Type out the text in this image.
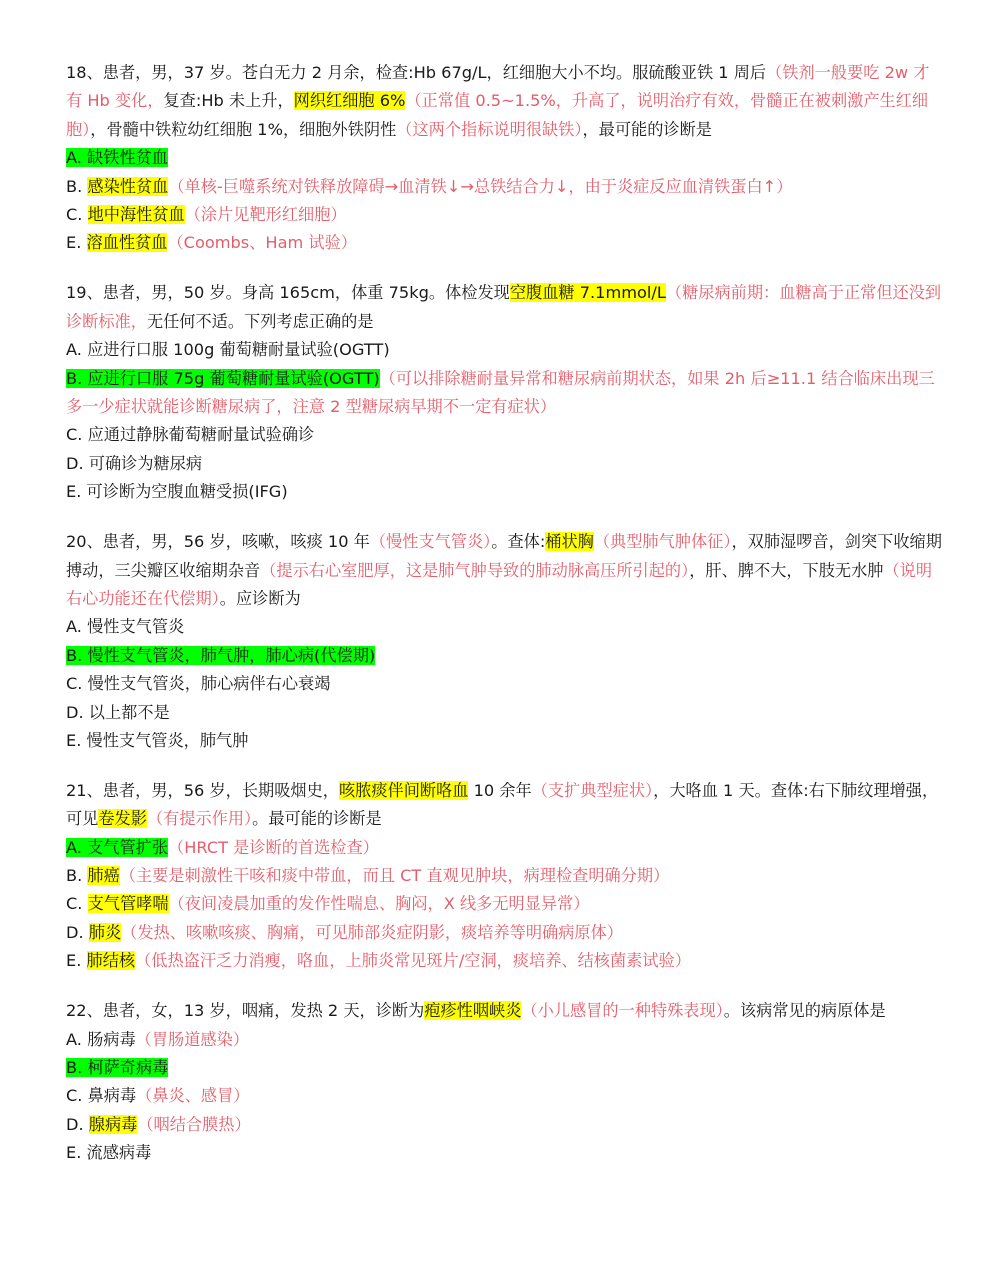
18、患者，男，37 岁。苍白无力 2 月余，检查:Hb 67g/L，红细胞大小不均。服硫酸亚铁 1 周后（铁剂一般要吃 2w 才有 Hb 变化，复查:Hb 未上升，网织红细胞 6%（正常值 0.5~1.5%，升高了，说明治疗有效，骨髓正在被刺激产生红细胞），骨髓中铁粒幼红细胞 1%，细胞外铁阴性（这两个指标说明很缺铁），最可能的诊断是
A. 缺铁性贫血
B. 感染性贫血（单核-巨噬系统对铁释放障碍→血清铁↓→总铁结合力↓，由于炎症反应血清铁蛋白↑）
C. 地中海性贫血（涂片见靶形红细胞）
E. 溶血性贫血（Coombs、Ham 试验）
19、患者，男，50 岁。身高 165cm，体重 75kg。体检发现空腹血糖 7.1mmol/L（糖尿病前期：血糖高于正常但还没到诊断标准，无任何不适。下列考虑正确的是
A. 应进行口服 100g 葡萄糖耐量试验(OGTT)
B. 应进行口服 75g 葡萄糖耐量试验(OGTT)（可以排除糖耐量异常和糖尿病前期状态，如果 2h 后≥11.1 结合临床出现三多一少症状就能诊断糖尿病了，注意 2 型糖尿病早期不一定有症状）
C. 应通过静脉葡萄糖耐量试验确诊
D. 可确诊为糖尿病
E. 可诊断为空腹血糖受损(IFG)
20、患者，男，56 岁，咳嗽，咳痰 10 年（慢性支气管炎）。查体:桶状胸（典型肺气肿体征），双肺湿啰音，剑突下收缩期搏动，三尖瓣区收缩期杂音（提示右心室肥厚，这是肺气肿导致的肺动脉高压所引起的），肝、脾不大，下肢无水肿（说明右心功能还在代偿期）。应诊断为
A. 慢性支气管炎
B. 慢性支气管炎，肺气肿，肺心病(代偿期)
C. 慢性支气管炎，肺心病伴右心衰竭
D. 以上都不是
E. 慢性支气管炎，肺气肿
21、患者，男，56 岁，长期吸烟史，咳脓痰伴间断咯血 10 余年（支扩典型症状），大咯血 1 天。查体:右下肺纹理增强，可见卷发影（有提示作用）。最可能的诊断是
A. 支气管扩张（HRCT 是诊断的首选检查）
B. 肺癌（主要是刺激性干咳和痰中带血，而且 CT 直观见肿块，病理检查明确分期）
C. 支气管哮喘（夜间凌晨加重的发作性喘息、胸闷，X 线多无明显异常）
D. 肺炎（发热、咳嗽咳痰、胸痛，可见肺部炎症阴影，痰培养等明确病原体）
E. 肺结核（低热盗汗乏力消瘦，咯血，上肺炎常见斑片/空洞，痰培养、结核菌素试验）
22、患者，女，13 岁，咽痛，发热 2 天，诊断为疱疹性咽峡炎（小儿感冒的一种特殊表现）。该病常见的病原体是
A. 肠病毒（胃肠道感染）
B. 柯萨奇病毒
C. 鼻病毒（鼻炎、感冒）
D. 腺病毒（咽结合膜热）
E. 流感病毒
